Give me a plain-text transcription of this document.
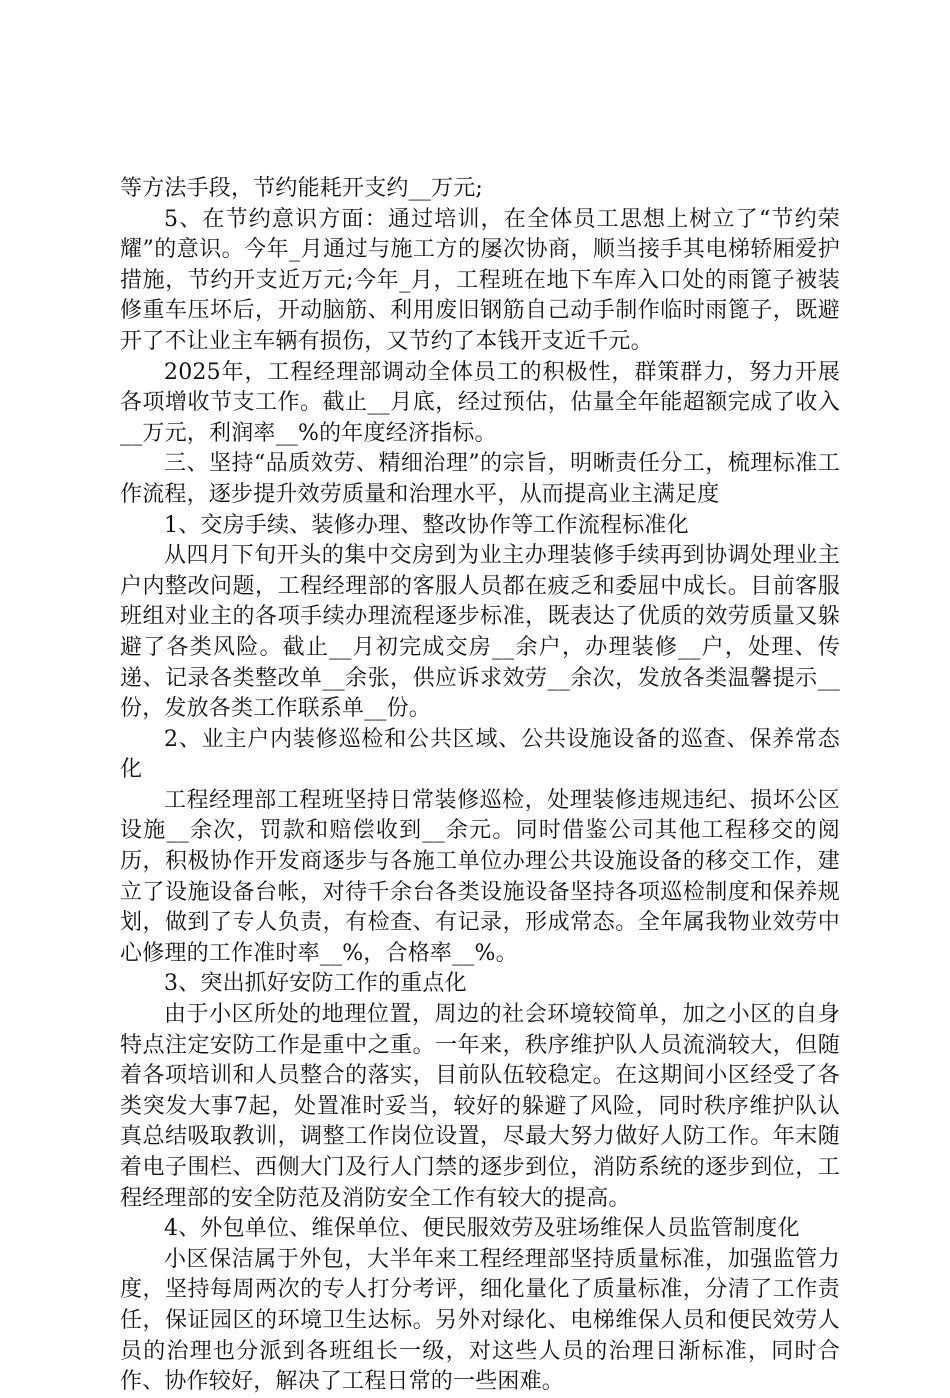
等方法手段，节约能耗开支约__万元;

5、在节约意识方面：通过培训，在全体员工思想上树立了“节约荣耀”的意识。今年_月通过与施工方的屡次协商，顺当接手其电梯轿厢爱护措施，节约开支近万元;今年_月，工程班在地下车库入口处的雨篦子被装修重车压坏后，开动脑筋、利用废旧钢筋自己动手制作临时雨篦子，既避开了不让业主车辆有损伤，又节约了本钱开支近千元。

2025年，工程经理部调动全体员工的积极性，群策群力，努力开展各项增收节支工作。截止__月底，经过预估，估量全年能超额完成了收入__万元，利润率__%的年度经济指标。

三、坚持“品质效劳、精细治理”的宗旨，明晰责任分工，梳理标准工作流程，逐步提升效劳质量和治理水平，从而提高业主满足度

1、交房手续、装修办理、整改协作等工作流程标准化

从四月下旬开头的集中交房到为业主办理装修手续再到协调处理业主户内整改问题，工程经理部的客服人员都在疲乏和委屈中成长。目前客服班组对业主的各项手续办理流程逐步标准，既表达了优质的效劳质量又躲避了各类风险。截止__月初完成交房__余户，办理装修__户，处理、传递、记录各类整改单__余张，供应诉求效劳__余次，发放各类温馨提示__份，发放各类工作联系单__份。

2、业主户内装修巡检和公共区域、公共设施设备的巡查、保养常态化

工程经理部工程班坚持日常装修巡检，处理装修违规违纪、损坏公区设施__余次，罚款和赔偿收到__余元。同时借鉴公司其他工程移交的阅历，积极协作开发商逐步与各施工单位办理公共设施设备的移交工作，建立了设施设备台帐，对待千余台各类设施设备坚持各项巡检制度和保养规划，做到了专人负责，有检查、有记录，形成常态。全年属我物业效劳中心修理的工作准时率__%，合格率__%。

3、突出抓好安防工作的重点化

由于小区所处的地理位置，周边的社会环境较简单，加之小区的自身特点注定安防工作是重中之重。一年来，秩序维护队人员流淌较大，但随着各项培训和人员整合的落实，目前队伍较稳定。在这期间小区经受了各类突发大事7起，处置准时妥当，较好的躲避了风险，同时秩序维护队认真总结吸取教训，调整工作岗位设置，尽最大努力做好人防工作。年末随着电子围栏、西侧大门及行人门禁的逐步到位，消防系统的逐步到位，工程经理部的安全防范及消防安全工作有较大的提高。

4、外包单位、维保单位、便民服效劳及驻场维保人员监管制度化

小区保洁属于外包，大半年来工程经理部坚持质量标准，加强监管力度，坚持每周两次的专人打分考评，细化量化了质量标准，分清了工作责任，保证园区的环境卫生达标。另外对绿化、电梯维保人员和便民效劳人员的治理也分派到各班组长一级，对这些人员的治理日渐标准，同时合作、协作较好，解决了工程日常的一些困难。
